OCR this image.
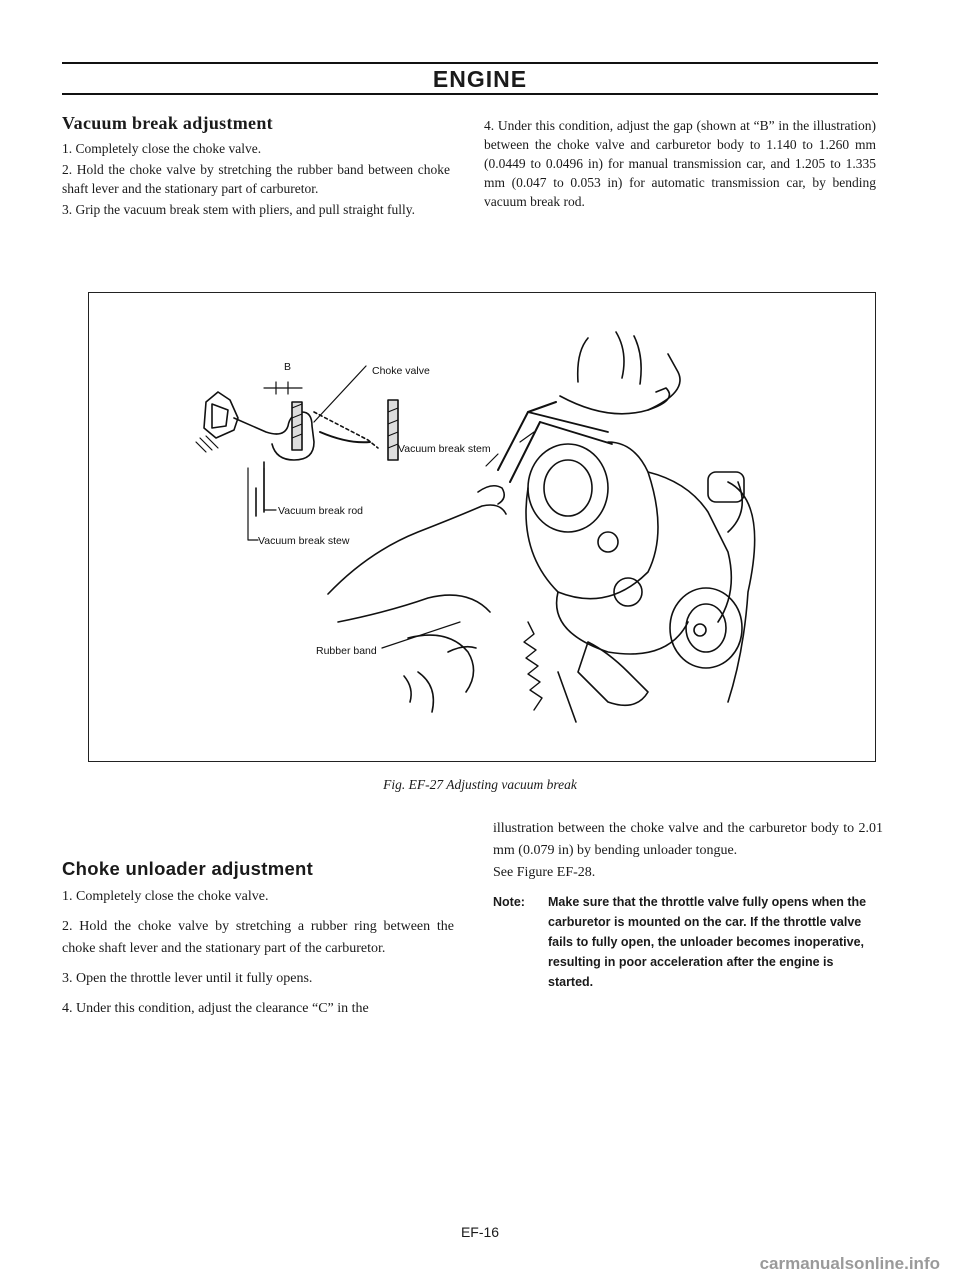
ENGINE
Vacuum break adjustment

1. Completely close the choke valve.

2. Hold the choke valve by stretching the rubber band between choke shaft lever and the stationary part of carburetor.

3. Grip the vacuum break stem with pliers, and pull straight fully.

4. Under this condition, adjust the gap (shown at “B” in the illustration) between the choke valve and carburetor body to 1.140 to 1.260 mm (0.0449 to 0.0496 in) for manual transmission car, and 1.205 to 1.335 mm (0.047 to 0.053 in) for automatic transmission car, by bending vacuum break rod.

B	Choke valve
Vacuum break stem
Vacuum break rod
Vacuum break stew
Rubber band
Fig. EF-27 Adjusting vacuum break
Choke unloader adjustment

1. Completely close the choke valve.

2. Hold the choke valve by stretching a rubber ring between the choke shaft lever and the stationary part of the carburetor.

3. Open the throttle lever until it fully opens.

4. Under this condition, adjust the clearance “C” in the

illustration between the choke valve and the carburetor body to 2.01 mm (0.079 in) by bending unloader tongue.

See Figure EF-28.

Note: Make sure that the throttle valve fully opens when the carburetor is mounted on the car. If the throttle valve fails to fully open, the unloader becomes inoperative, resulting in poor acceleration after the engine is started.
EF-16
carmanualsonline.info
